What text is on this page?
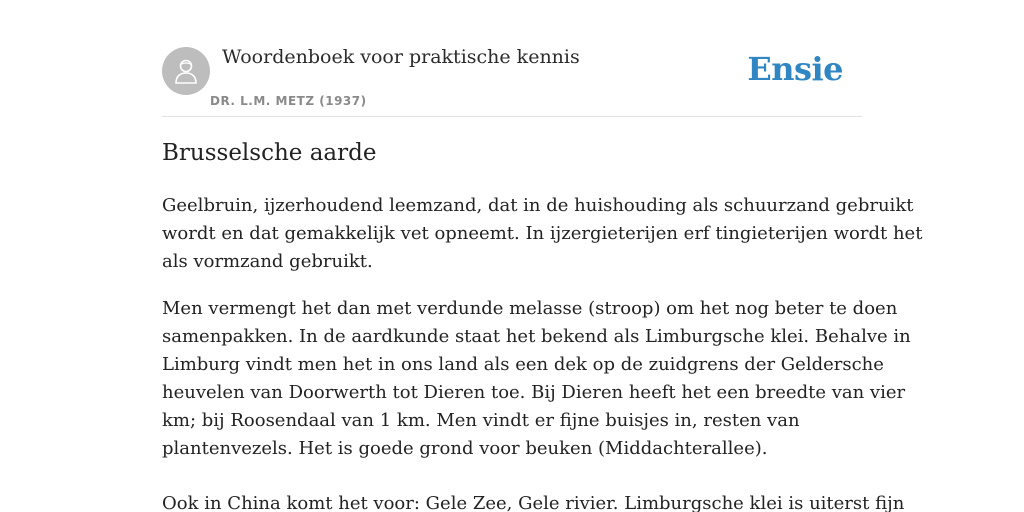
Woordenboek voor praktische kennis
DR. L.M. METZ (1937)
Ensie
Brusselsche aarde

Geelbruin, ijzerhoudend leemzand, dat in de huishouding als schuurzand gebruikt
wordt en dat gemakkelijk vet opneemt. In ijzergieterijen erf tingieterijen wordt het
als vormzand gebruikt.

Men vermengt het dan met verdunde melasse (stroop) om het nog beter te doen
samenpakken. In de aardkunde staat het bekend als Limburgsche klei. Behalve in
Limburg vindt men het in ons land als een dek op de zuidgrens der Geldersche
heuvelen van Doorwerth tot Dieren toe. Bij Dieren heeft het een breedte van vier
km; bij Roosendaal van 1 km. Men vindt er fijne buisjes in, resten van
plantenvezels. Het is goede grond voor beuken (Middachterallee).

Ook in China komt het voor: Gele Zee, Gele rivier. Limburgsche klei is uiterst fijn
